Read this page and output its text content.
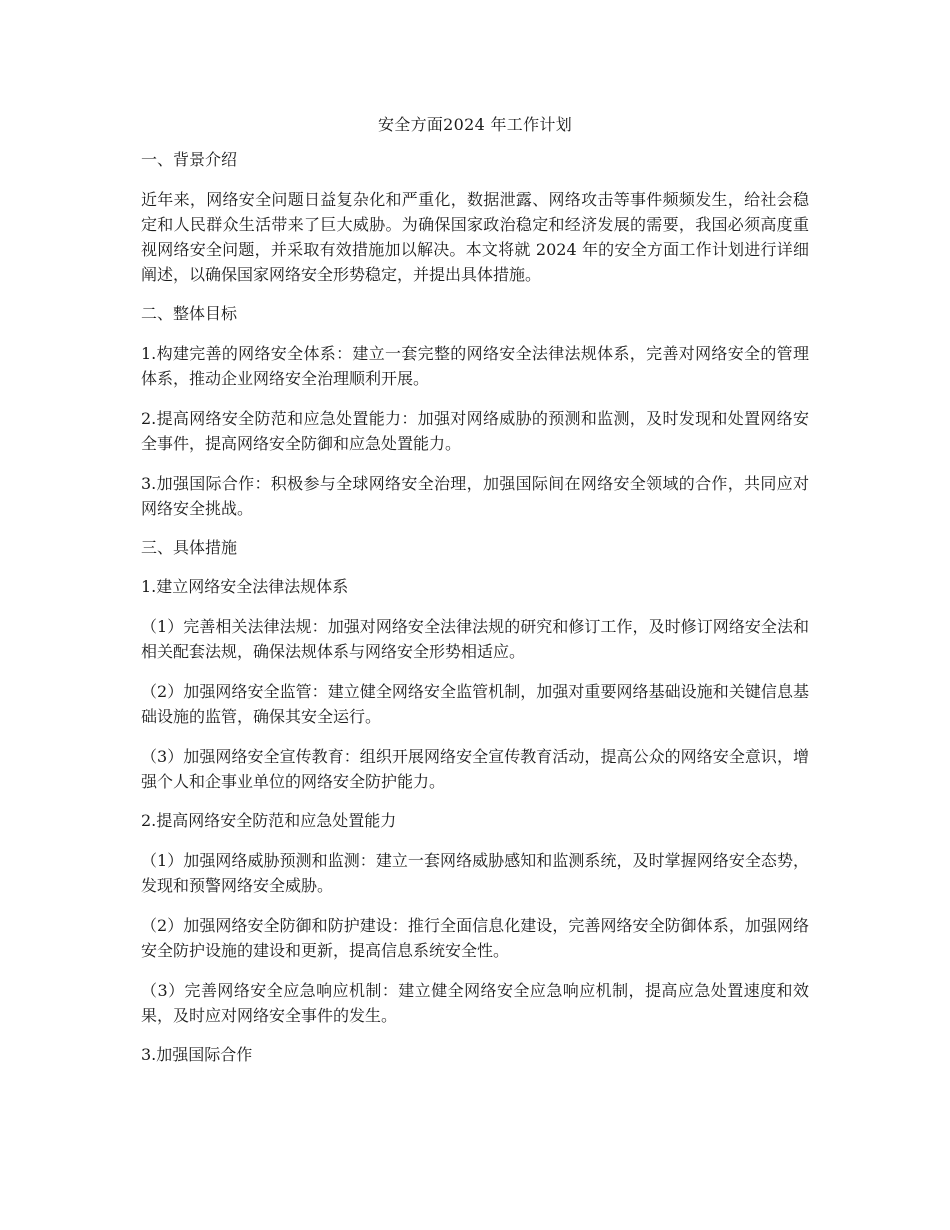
安全方面2024 年工作计划
一、背景介绍
近年来，网络安全问题日益复杂化和严重化，数据泄露、网络攻击等事件频频发生，给社会稳定和人民群众生活带来了巨大威胁。为确保国家政治稳定和经济发展的需要，我国必须高度重视网络安全问题，并采取有效措施加以解决。本文将就 2024 年的安全方面工作计划进行详细阐述，以确保国家网络安全形势稳定，并提出具体措施。
二、整体目标
1.构建完善的网络安全体系：建立一套完整的网络安全法律法规体系，完善对网络安全的管理体系，推动企业网络安全治理顺利开展。
2.提高网络安全防范和应急处置能力：加强对网络威胁的预测和监测，及时发现和处置网络安全事件，提高网络安全防御和应急处置能力。
3.加强国际合作：积极参与全球网络安全治理，加强国际间在网络安全领域的合作，共同应对网络安全挑战。
三、具体措施
1.建立网络安全法律法规体系
（1）完善相关法律法规：加强对网络安全法律法规的研究和修订工作，及时修订网络安全法和相关配套法规，确保法规体系与网络安全形势相适应。
（2）加强网络安全监管：建立健全网络安全监管机制，加强对重要网络基础设施和关键信息基础设施的监管，确保其安全运行。
（3）加强网络安全宣传教育：组织开展网络安全宣传教育活动，提高公众的网络安全意识，增强个人和企事业单位的网络安全防护能力。
2.提高网络安全防范和应急处置能力
（1）加强网络威胁预测和监测：建立一套网络威胁感知和监测系统，及时掌握网络安全态势，发现和预警网络安全威胁。
（2）加强网络安全防御和防护建设：推行全面信息化建设，完善网络安全防御体系，加强网络安全防护设施的建设和更新，提高信息系统安全性。
（3）完善网络安全应急响应机制：建立健全网络安全应急响应机制，提高应急处置速度和效果，及时应对网络安全事件的发生。
3.加强国际合作
